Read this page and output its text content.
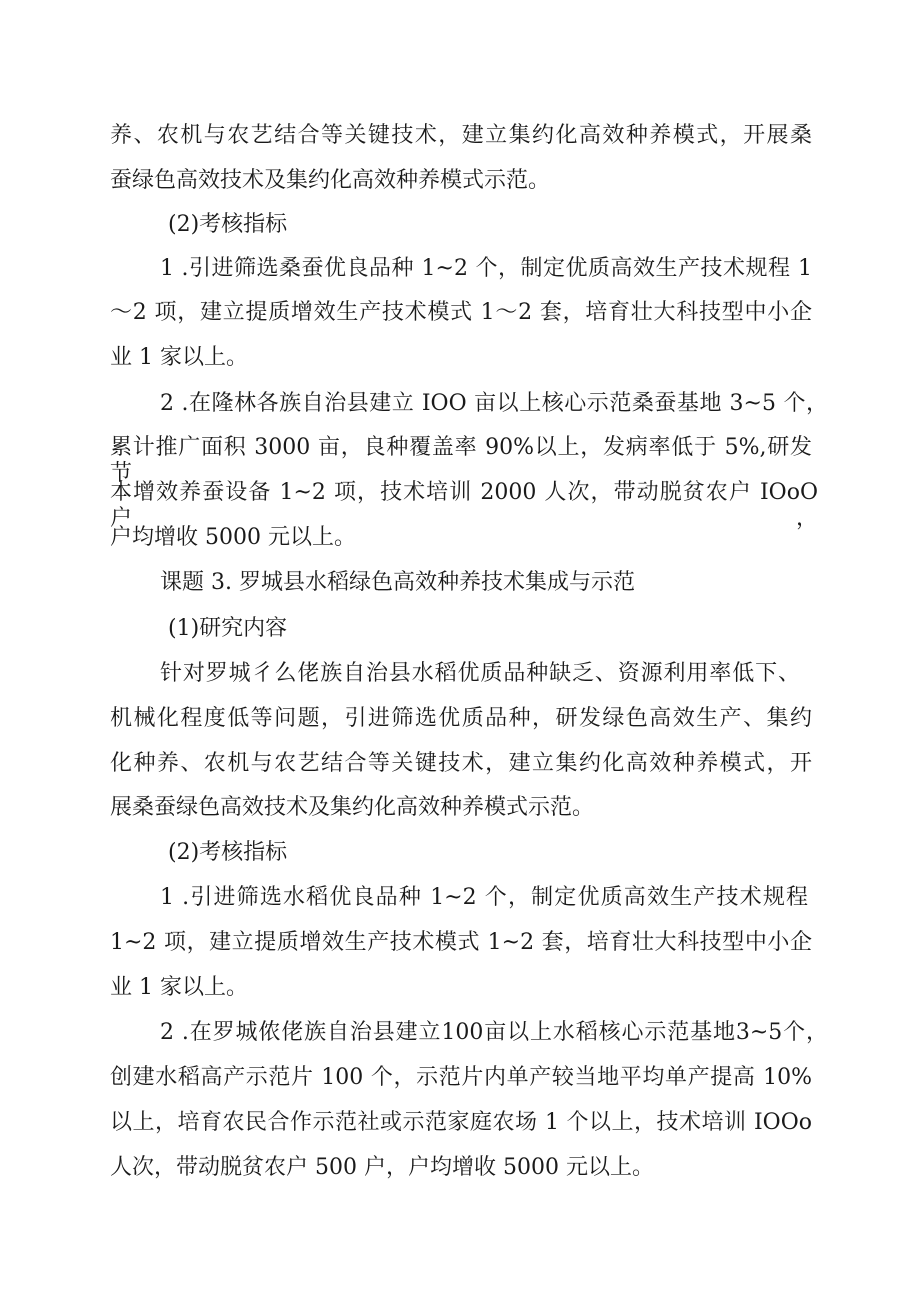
养、农机与农艺结合等关键技术，建立集约化高效种养模式，开展桑
蚕绿色高效技术及集约化高效种养模式示范。
(2)考核指标
1 .引进筛选桑蚕优良品种 1~2 个，制定优质高效生产技术规程 1
～2 项，建立提质增效生产技术模式 1～2 套，培育壮大科技型中小企
业 1 家以上。
2 .在隆林各族自治县建立 IOO 亩以上核心示范桑蚕基地 3~5 个，
累计推广面积 3000 亩，良种覆盖率 90%以上，发病率低于 5%,研发节
本增效养蚕设备 1~2 项，技术培训 2000 人次，带动脱贫农户 IOoO 户，
户均增收 5000 元以上。
课题 3. 罗城县水稻绿色高效种养技术集成与示范
(1)研究内容
针对罗城彳么佬族自治县水稻优质品种缺乏、资源利用率低下、
机械化程度低等问题，引进筛选优质品种，研发绿色高效生产、集约
化种养、农机与农艺结合等关键技术，建立集约化高效种养模式，开
展桑蚕绿色高效技术及集约化高效种养模式示范。
(2)考核指标
1 .引进筛选水稻优良品种 1~2 个，制定优质高效生产技术规程
1~2 项，建立提质增效生产技术模式 1~2 套，培育壮大科技型中小企
业 1 家以上。
2 .在罗城侬佬族自治县建立100亩以上水稻核心示范基地3~5个，
创建水稻高产示范片 100 个，示范片内单产较当地平均单产提高 10%
以上，培育农民合作示范社或示范家庭农场 1 个以上，技术培训 IOOo
人次，带动脱贫农户 500 户，户均增收 5000 元以上。
